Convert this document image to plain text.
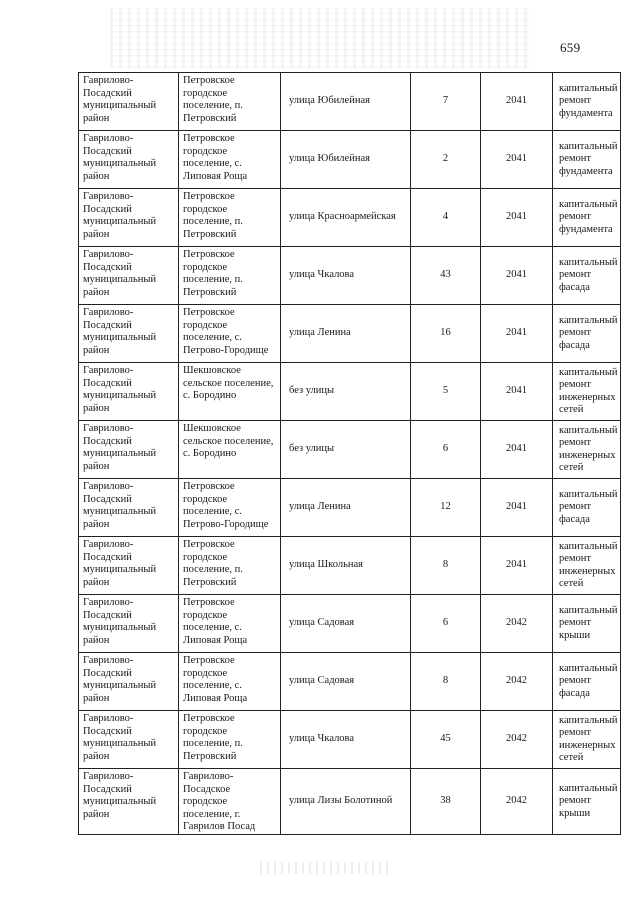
659
Гаврилово-Посадский муниципальный район	Петровское городское поселение, п. Петровский	улица Юбилейная	7	2041	капитальный ремонт фундамента
Гаврилово-Посадский муниципальный район	Петровское городское поселение, с. Липовая Роща	улица Юбилейная	2	2041	капитальный ремонт фундамента
Гаврилово-Посадский муниципальный район	Петровское городское поселение, п. Петровский	улица Красноармейская	4	2041	капитальный ремонт фундамента
Гаврилово-Посадский муниципальный район	Петровское городское поселение, п. Петровский	улица Чкалова	43	2041	капитальный ремонт фасада
Гаврилово-Посадский муниципальный район	Петровское городское поселение, с. Петрово-Городище	улица Ленина	16	2041	капитальный ремонт фасада
Гаврилово-Посадский муниципальный район	Шекшовское сельское поселение, с. Бородино	без улицы	5	2041	капитальный ремонт инженерных сетей
Гаврилово-Посадский муниципальный район	Шекшовское сельское поселение, с. Бородино	без улицы	6	2041	капитальный ремонт инженерных сетей
Гаврилово-Посадский муниципальный район	Петровское городское поселение, с. Петрово-Городище	улица Ленина	12	2041	капитальный ремонт фасада
Гаврилово-Посадский муниципальный район	Петровское городское поселение, п. Петровский	улица Школьная	8	2041	капитальный ремонт инженерных сетей
Гаврилово-Посадский муниципальный район	Петровское городское поселение, с. Липовая Роща	улица Садовая	6	2042	капитальный ремонт крыши
Гаврилово-Посадский муниципальный район	Петровское городское поселение, с. Липовая Роща	улица Садовая	8	2042	капитальный ремонт фасада
Гаврилово-Посадский муниципальный район	Петровское городское поселение, п. Петровский	улица Чкалова	45	2042	капитальный ремонт инженерных сетей
Гаврилово-Посадский муниципальный район	Гаврилово-Посадское городское поселение, г. Гаврилов Посад	улица Лизы Болотиной	38	2042	капитальный ремонт крыши
